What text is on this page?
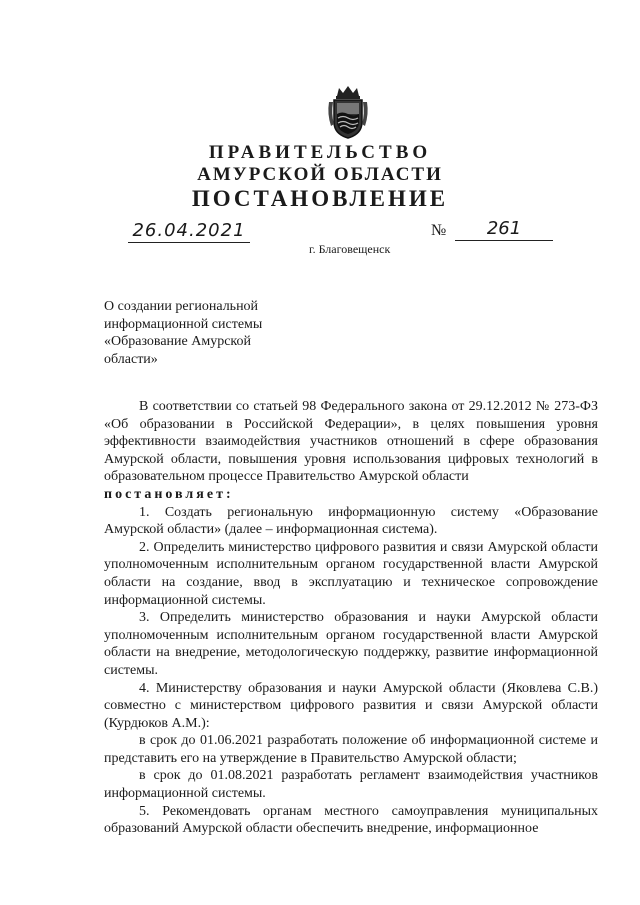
ПРАВИТЕЛЬСТВО
АМУРСКОЙ ОБЛАСТИ
ПОСТАНОВЛЕНИЕ
26.04.2021	№	261
г. Благовещенск
О создании региональной информационной системы «Образование Амурской области»

В соответствии со статьей 98 Федерального закона от 29.12.2012 № 273-ФЗ «Об образовании в Российской Федерации», в целях повышения уровня эффективности взаимодействия участников отношений в сфере образования Амурской области, повышения уровня использования цифровых технологий в образовательном процессе Правительство Амурской области

постановляет:

1. Создать региональную информационную систему «Образование Амурской области» (далее – информационная система).

2. Определить министерство цифрового развития и связи Амурской области уполномоченным исполнительным органом государственной власти Амурской области на создание, ввод в эксплуатацию и техническое сопровождение информационной системы.

3. Определить министерство образования и науки Амурской области уполномоченным исполнительным органом государственной власти Амурской области на внедрение, методологическую поддержку, развитие информационной системы.

4. Министерству образования и науки Амурской области (Яковлева С.В.) совместно с министерством цифрового развития и связи Амурской области (Курдюков А.М.):

в срок до 01.06.2021 разработать положение об информационной системе и представить его на утверждение в Правительство Амурской области;

в срок до 01.08.2021 разработать регламент взаимодействия участников информационной системы.

5. Рекомендовать органам местного самоуправления муниципальных образований Амурской области обеспечить внедрение, информационное
